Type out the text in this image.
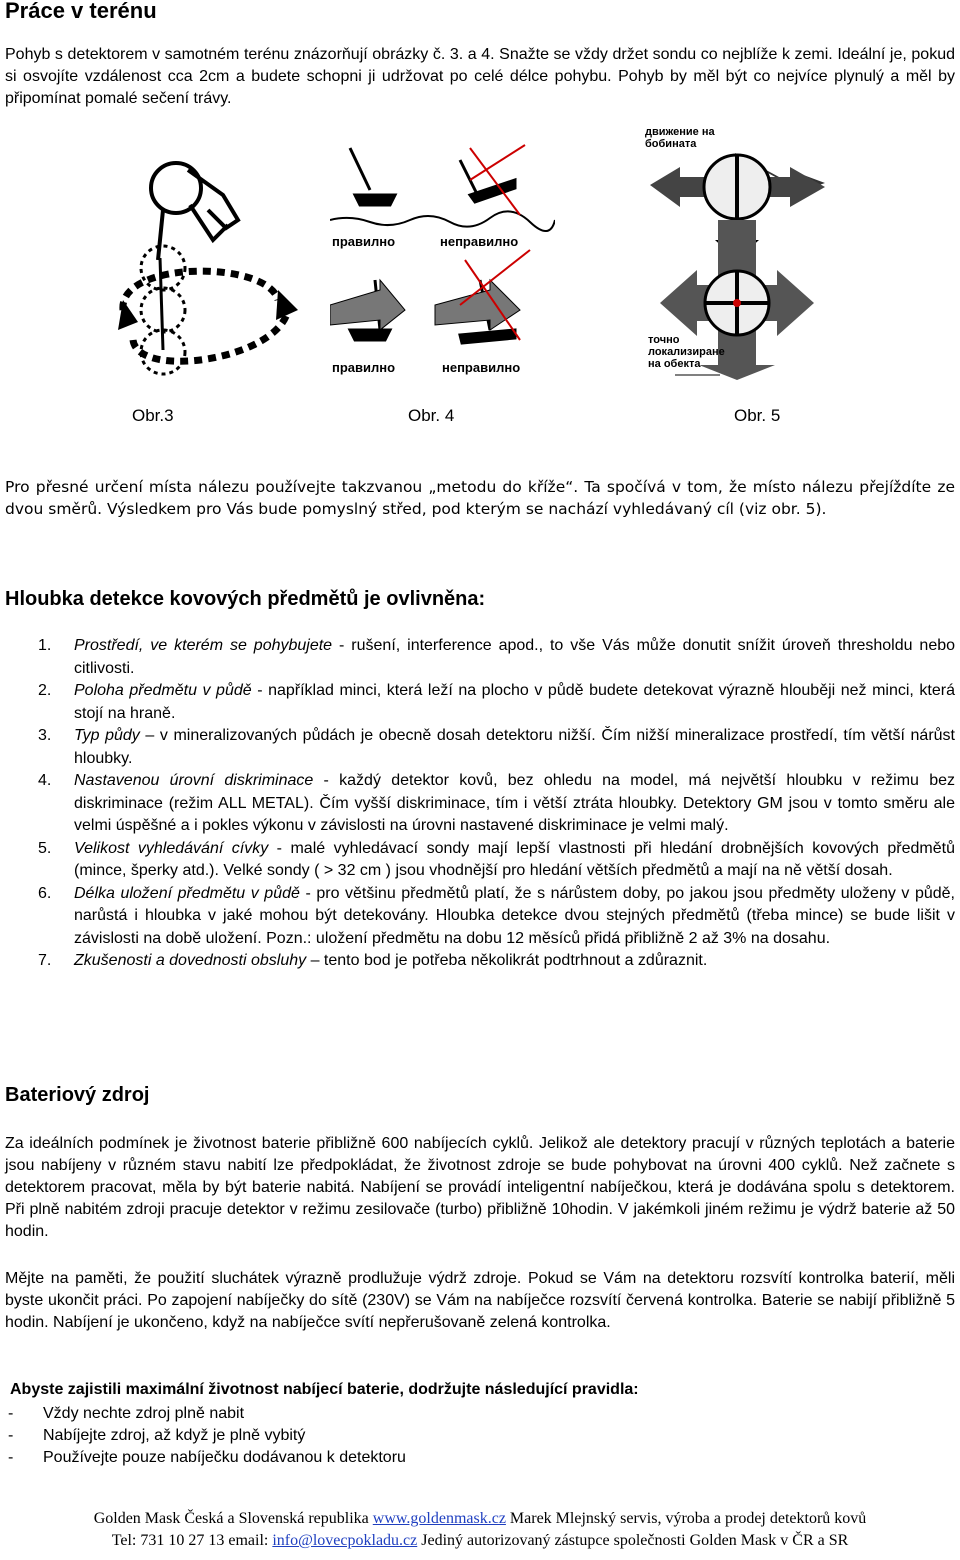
Práce v terénu
Pohyb s detektorem v samotném terénu znázorňují obrázky č. 3. a 4. Snažte se vždy držet sondu co nejblíže k zemi. Ideální je, pokud si osvojíte vzdálenost cca 2cm a budete schopni ji udržovat po celé délce pohybu. Pohyb by měl být co nejvíce plynulý a měl by připomínat pomalé sečení trávy.
правилно	неправилно
правилно	неправилно
движение на
бобината
точно
локализиране
на обекта
Obr.3	Obr. 4	Obr. 5
Pro přesné určení místa nálezu používejte takzvanou „metodu do kříže“. Ta spočívá v tom, že místo nálezu přejíždíte ze dvou směrů. Výsledkem pro Vás bude pomyslný střed, pod kterým se nachází vyhledávaný cíl (viz obr. 5).
Hloubka detekce kovových předmětů je ovlivněna:
1. Prostředí, ve kterém se pohybujete - rušení, interference apod., to vše Vás může donutit snížit úroveň thresholdu nebo citlivosti.
2. Poloha předmětu v půdě - například minci, která leží na plocho v půdě budete detekovat výrazně hlouběji než minci, která stojí na hraně.
3. Typ půdy – v mineralizovaných půdách je obecně dosah detektoru nižší. Čím nižší mineralizace prostředí, tím větší nárůst hloubky.
4. Nastavenou úrovní diskriminace - každý detektor kovů, bez ohledu na model, má největší hloubku v režimu bez diskriminace (režim ALL METAL). Čím vyšší diskriminace, tím i větší ztráta hloubky. Detektory GM jsou v tomto směru ale velmi úspěšné a i pokles výkonu v závislosti na úrovni nastavené diskriminace je velmi malý.
5. Velikost vyhledávání cívky - malé vyhledávací sondy mají lepší vlastnosti při hledání drobnějších kovových předmětů (mince, šperky atd.). Velké sondy ( > 32 cm ) jsou vhodnější pro hledání větších předmětů a mají na ně větší dosah.
6. Délka uložení předmětu v půdě - pro většinu předmětů platí, že s nárůstem doby, po jakou jsou předměty uloženy v půdě, narůstá i hloubka v jaké mohou být detekovány. Hloubka detekce dvou stejných předmětů (třeba mince) se bude lišit v závislosti na době uložení. Pozn.: uložení předmětu na dobu 12 měsíců přidá přibližně 2 až 3% na dosahu.
7. Zkušenosti a dovednosti obsluhy – tento bod je potřeba několikrát podtrhnout a zdůraznit.
Bateriový zdroj
Za ideálních podmínek je životnost baterie přibližně 600 nabíjecích cyklů. Jelikož ale detektory pracují v různých teplotách a baterie jsou nabíjeny v různém stavu nabití lze předpokládat, že životnost zdroje se bude pohybovat na úrovni 400 cyklů. Než začnete s detektorem pracovat, měla by být baterie nabitá. Nabíjení se provádí inteligentní nabíječkou, která je dodávána spolu s detektorem. Při plně nabitém zdroji pracuje detektor v režimu zesilovače (turbo) přibližně 10hodin. V jakémkoli jiném režimu je výdrž baterie až 50 hodin.
Mějte na paměti, že použití sluchátek výrazně prodlužuje výdrž zdroje. Pokud se Vám na detektoru rozsvítí kontrolka baterií, měli byste ukončit práci. Po zapojení nabíječky do sítě (230V) se Vám na nabíječce rozsvítí červená kontrolka. Baterie se nabijí přibližně 5 hodin. Nabíjení je ukončeno, když na nabíječce svítí nepřerušovaně zelená kontrolka.
Abyste zajistili maximální životnost nabíjecí baterie, dodržujte následující pravidla:
- Vždy nechte zdroj plně nabit
- Nabíjejte zdroj, až když je plně vybitý
- Používejte pouze nabíječku dodávanou k detektoru
Golden Mask Česká a Slovenská republika www.goldenmask.cz Marek Mlejnský servis, výroba a prodej detektorů kovů
Tel: 731 10 27 13 email: info@lovecpokladu.cz Jediný autorizovaný zástupce společnosti Golden Mask v ČR a SR
